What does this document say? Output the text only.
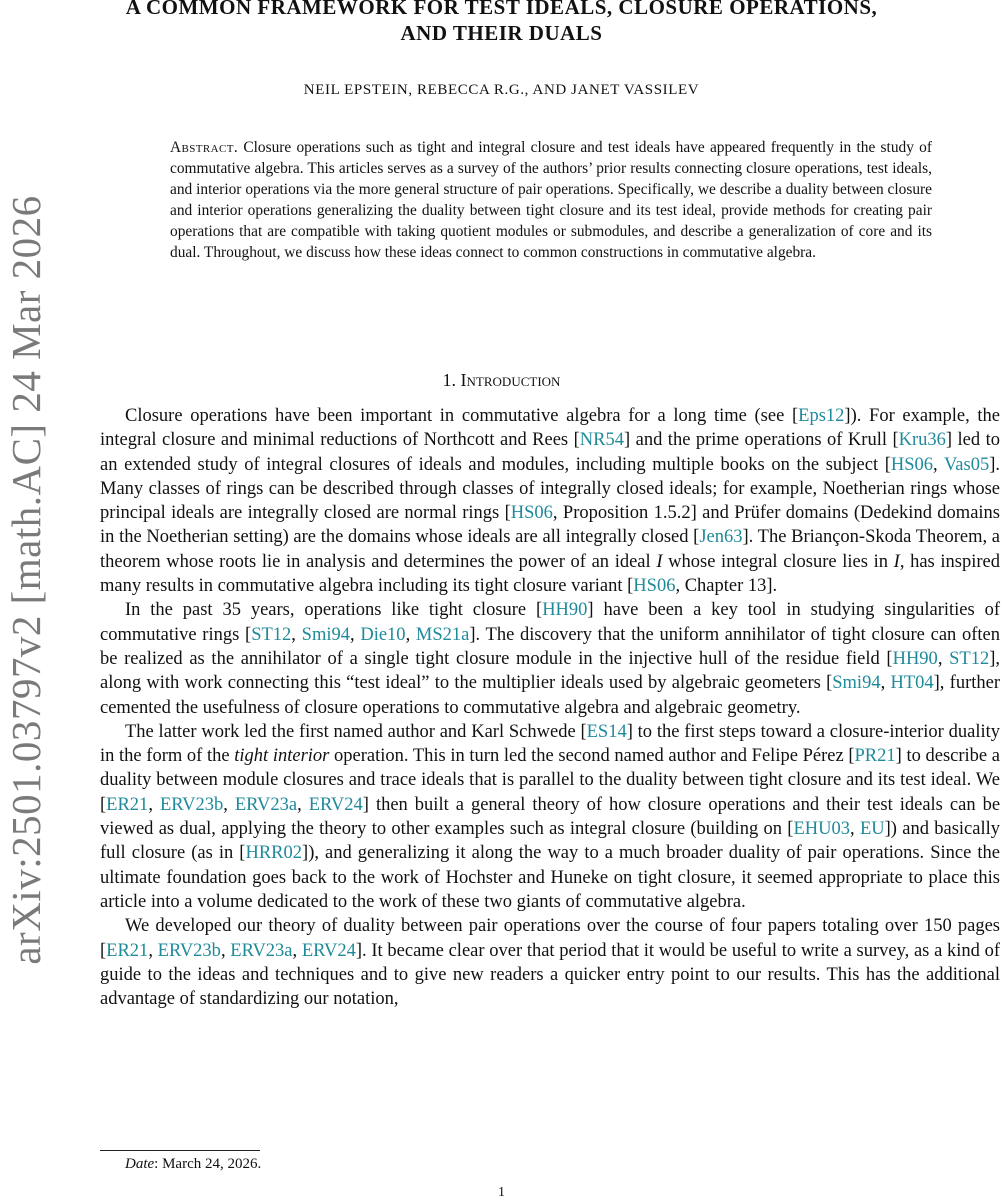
arXiv:2501.03797v2 [math.AC] 24 Mar 2026
A COMMON FRAMEWORK FOR TEST IDEALS, CLOSURE OPERATIONS,
AND THEIR DUALS
NEIL EPSTEIN, REBECCA R.G., AND JANET VASSILEV
Abstract. Closure operations such as tight and integral closure and test ideals have appeared frequently in the study of commutative algebra. This articles serves as a survey of the authors’ prior results connecting closure operations, test ideals, and interior operations via the more general structure of pair operations. Specifically, we describe a duality between closure and interior operations generalizing the duality between tight closure and its test ideal, provide methods for creating pair operations that are compatible with taking quotient modules or submodules, and describe a generalization of core and its dual. Throughout, we discuss how these ideas connect to common constructions in commutative algebra.
1. Introduction

Closure operations have been important in commutative algebra for a long time (see [Eps12]). For example, the integral closure and minimal reductions of Northcott and Rees [NR54] and the prime operations of Krull [Kru36] led to an extended study of integral closures of ideals and modules, including multiple books on the subject [HS06, Vas05]. Many classes of rings can be described through classes of integrally closed ideals; for example, Noetherian rings whose principal ideals are integrally closed are normal rings [HS06, Proposition 1.5.2] and Prüfer domains (Dedekind domains in the Noetherian setting) are the domains whose ideals are all integrally closed [Jen63]. The Briançon-Skoda Theorem, a theorem whose roots lie in analysis and determines the power of an ideal I whose integral closure lies in I, has inspired many results in commutative algebra including its tight closure variant [HS06, Chapter 13].

In the past 35 years, operations like tight closure [HH90] have been a key tool in studying singularities of commutative rings [ST12, Smi94, Die10, MS21a]. The discovery that the uniform annihilator of tight closure can often be realized as the annihilator of a single tight closure module in the injective hull of the residue field [HH90, ST12], along with work connecting this “test ideal” to the multiplier ideals used by algebraic geometers [Smi94, HT04], further cemented the usefulness of closure operations to commutative algebra and algebraic geometry.

The latter work led the first named author and Karl Schwede [ES14] to the first steps toward a closure-interior duality in the form of the tight interior operation. This in turn led the second named author and Felipe Pérez [PR21] to describe a duality between module closures and trace ideals that is parallel to the duality between tight closure and its test ideal. We [ER21, ERV23b, ERV23a, ERV24] then built a general theory of how closure operations and their test ideals can be viewed as dual, applying the theory to other examples such as integral closure (building on [EHU03, EU]) and basically full closure (as in [HRR02]), and generalizing it along the way to a much broader duality of pair operations. Since the ultimate foundation goes back to the work of Hochster and Huneke on tight closure, it seemed appropriate to place this article into a volume dedicated to the work of these two giants of commutative algebra.

We developed our theory of duality between pair operations over the course of four papers totaling over 150 pages [ER21, ERV23b, ERV23a, ERV24]. It became clear over that period that it would be useful to write a survey, as a kind of guide to the ideas and techniques and to give new readers a quicker entry point to our results. This has the additional advantage of standardizing our notation,

Date: March 24, 2026.
1
